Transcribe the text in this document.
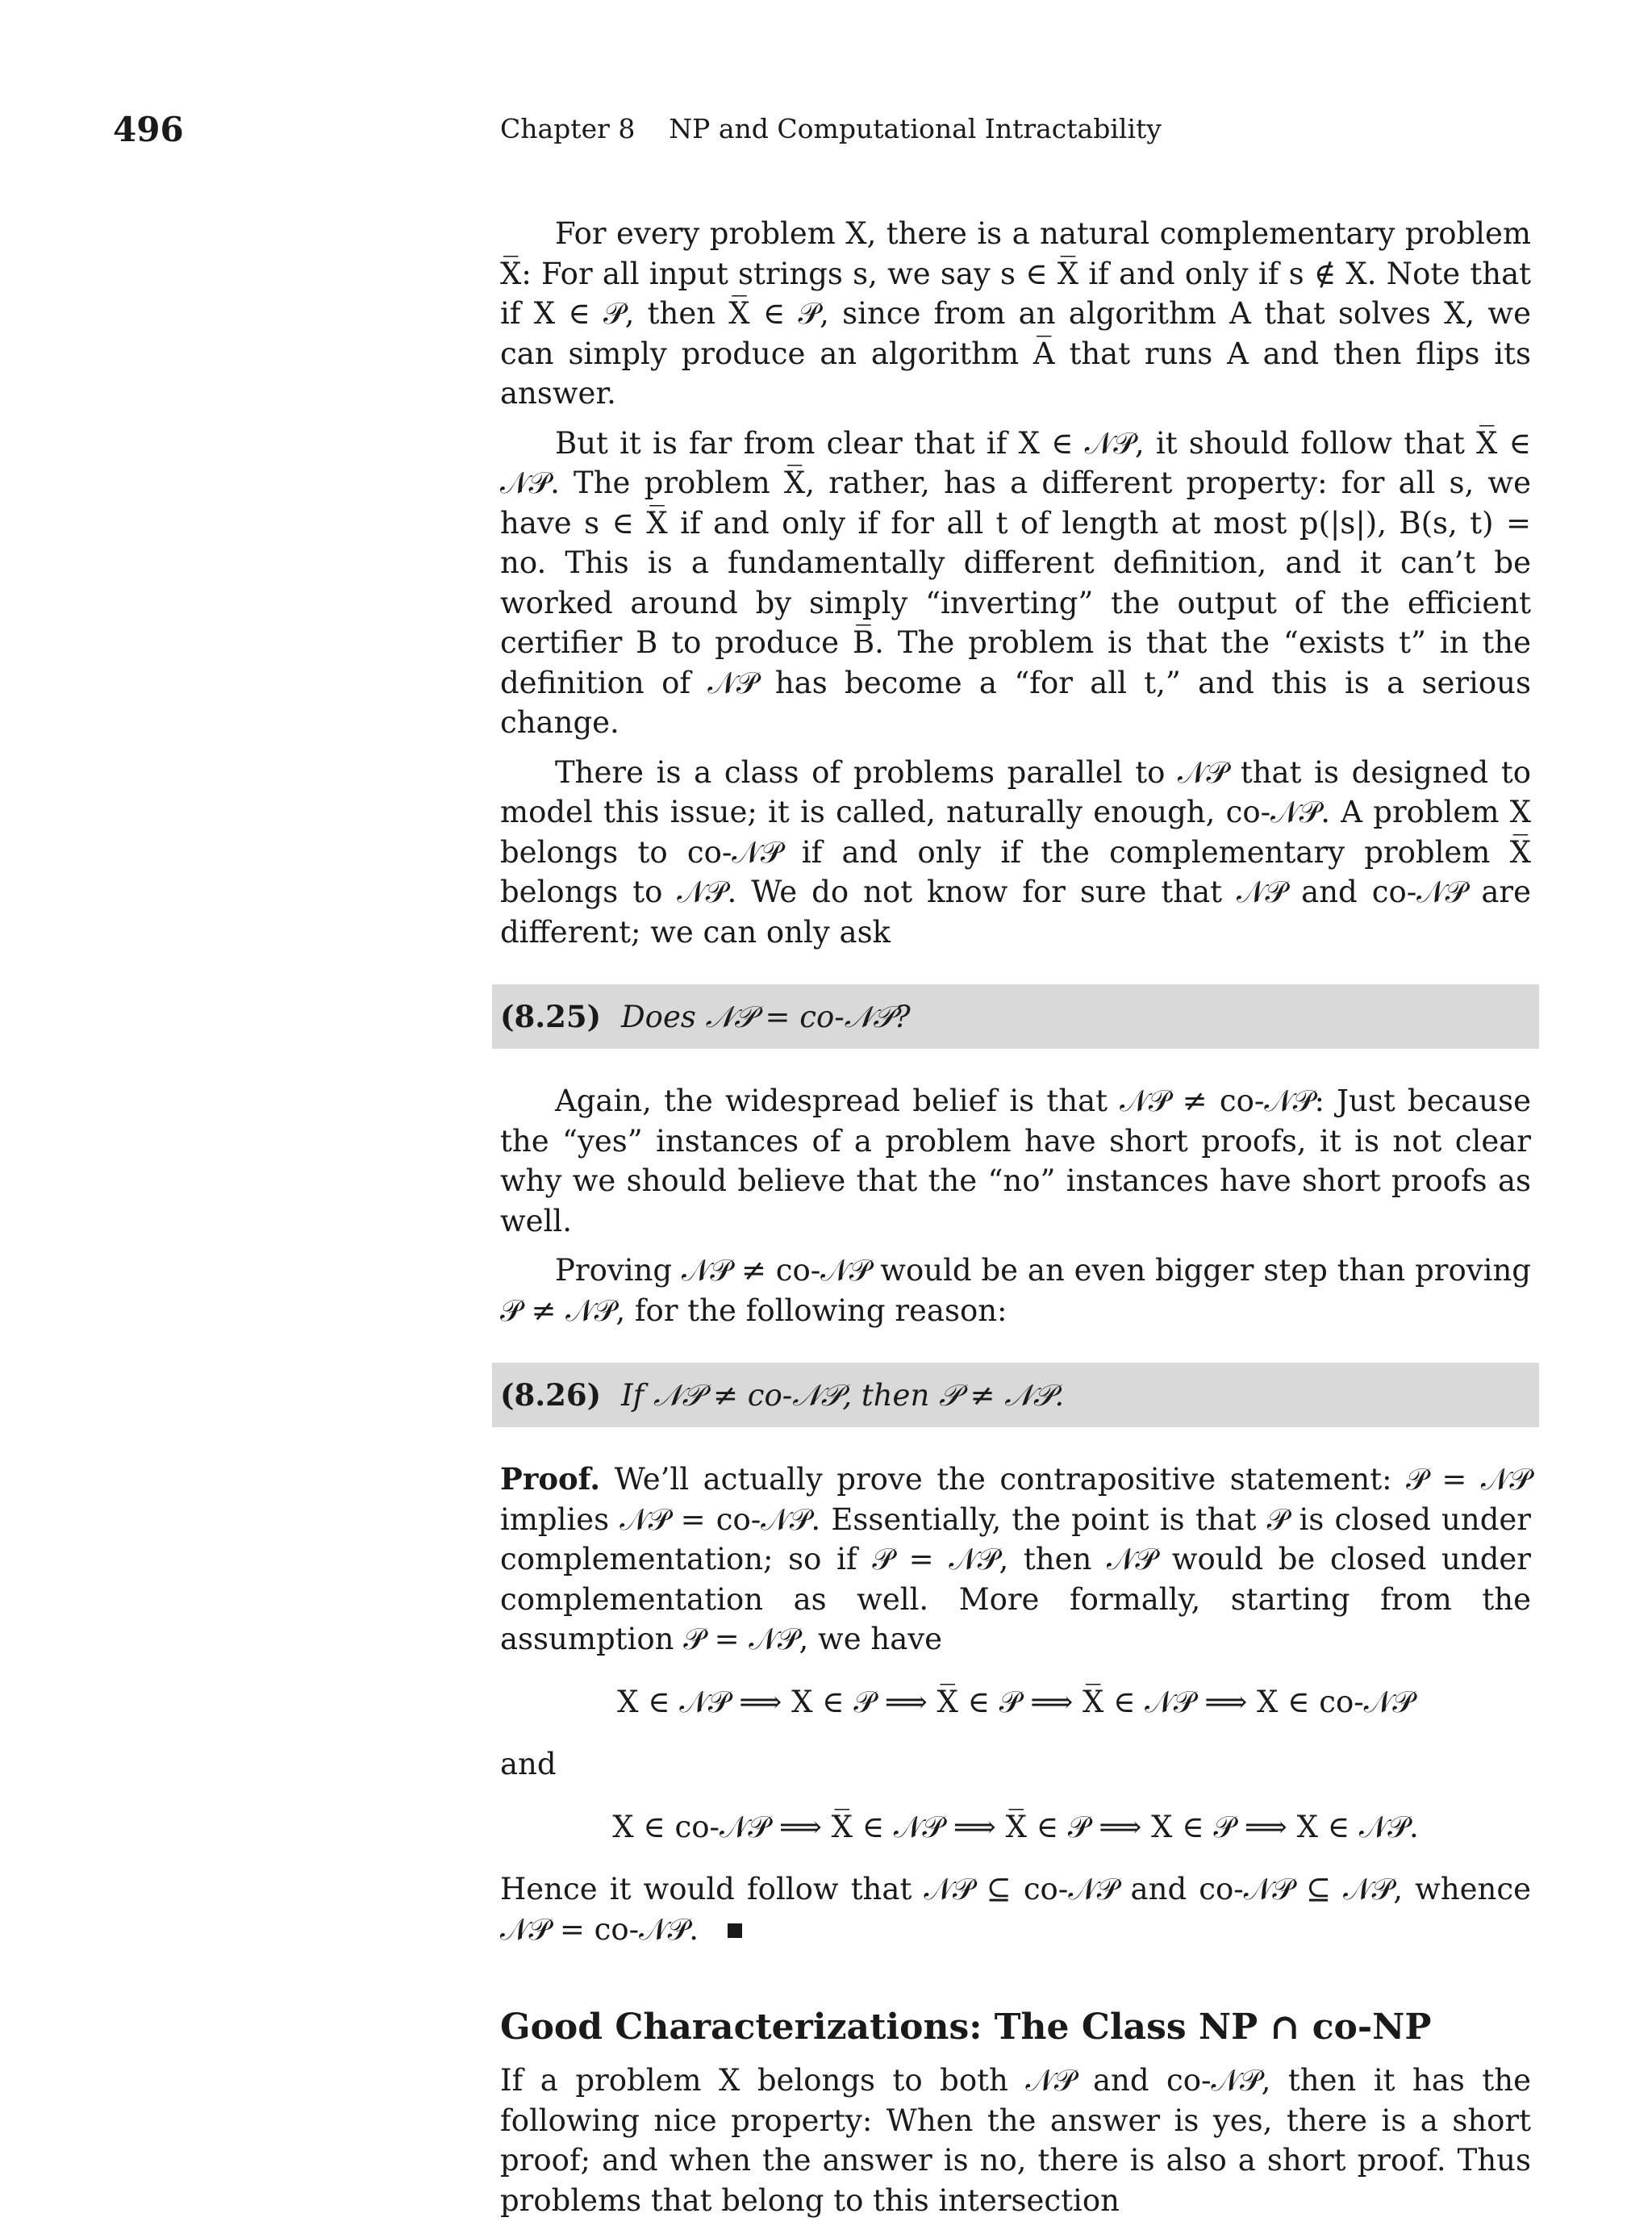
496	Chapter 8    NP and Computational Intractability

For every problem X, there is a natural complementary problem X̅: For all input strings s, we say s ∈ X̅ if and only if s ∉ X. Note that if X ∈ 𝒫, then X̅ ∈ 𝒫, since from an algorithm A that solves X, we can simply produce an algorithm A̅ that runs A and then flips its answer.

But it is far from clear that if X ∈ 𝒩𝒫, it should follow that X̅ ∈ 𝒩𝒫. The problem X̅, rather, has a different property: for all s, we have s ∈ X̅ if and only if for all t of length at most p(|s|), B(s, t) = no. This is a fundamentally different definition, and it can’t be worked around by simply “inverting” the output of the efficient certifier B to produce B̅. The problem is that the “exists t” in the definition of 𝒩𝒫 has become a “for all t,” and this is a serious change.

There is a class of problems parallel to 𝒩𝒫 that is designed to model this issue; it is called, naturally enough, co-𝒩𝒫. A problem X belongs to co-𝒩𝒫 if and only if the complementary problem X̅ belongs to 𝒩𝒫. We do not know for sure that 𝒩𝒫 and co-𝒩𝒫 are different; we can only ask

(8.25) Does 𝒩𝒫 = co-𝒩𝒫?

Again, the widespread belief is that 𝒩𝒫 ≠ co-𝒩𝒫: Just because the “yes” instances of a problem have short proofs, it is not clear why we should believe that the “no” instances have short proofs as well.

Proving 𝒩𝒫 ≠ co-𝒩𝒫 would be an even bigger step than proving 𝒫 ≠ 𝒩𝒫, for the following reason:

(8.26) If 𝒩𝒫 ≠ co-𝒩𝒫, then 𝒫 ≠ 𝒩𝒫.

Proof. We’ll actually prove the contrapositive statement: 𝒫 = 𝒩𝒫 implies 𝒩𝒫 = co-𝒩𝒫. Essentially, the point is that 𝒫 is closed under complementation; so if 𝒫 = 𝒩𝒫, then 𝒩𝒫 would be closed under complementation as well. More formally, starting from the assumption 𝒫 = 𝒩𝒫, we have

X ∈ 𝒩𝒫 ⟹ X ∈ 𝒫 ⟹ X̅ ∈ 𝒫 ⟹ X̅ ∈ 𝒩𝒫 ⟹ X ∈ co-𝒩𝒫

and

X ∈ co-𝒩𝒫 ⟹ X̅ ∈ 𝒩𝒫 ⟹ X̅ ∈ 𝒫 ⟹ X ∈ 𝒫 ⟹ X ∈ 𝒩𝒫.

Hence it would follow that 𝒩𝒫 ⊆ co-𝒩𝒫 and co-𝒩𝒫 ⊆ 𝒩𝒫, whence 𝒩𝒫 = co-𝒩𝒫.

Good Characterizations: The Class NP ∩ co-NP

If a problem X belongs to both 𝒩𝒫 and co-𝒩𝒫, then it has the following nice property: When the answer is yes, there is a short proof; and when the answer is no, there is also a short proof. Thus problems that belong to this intersection
